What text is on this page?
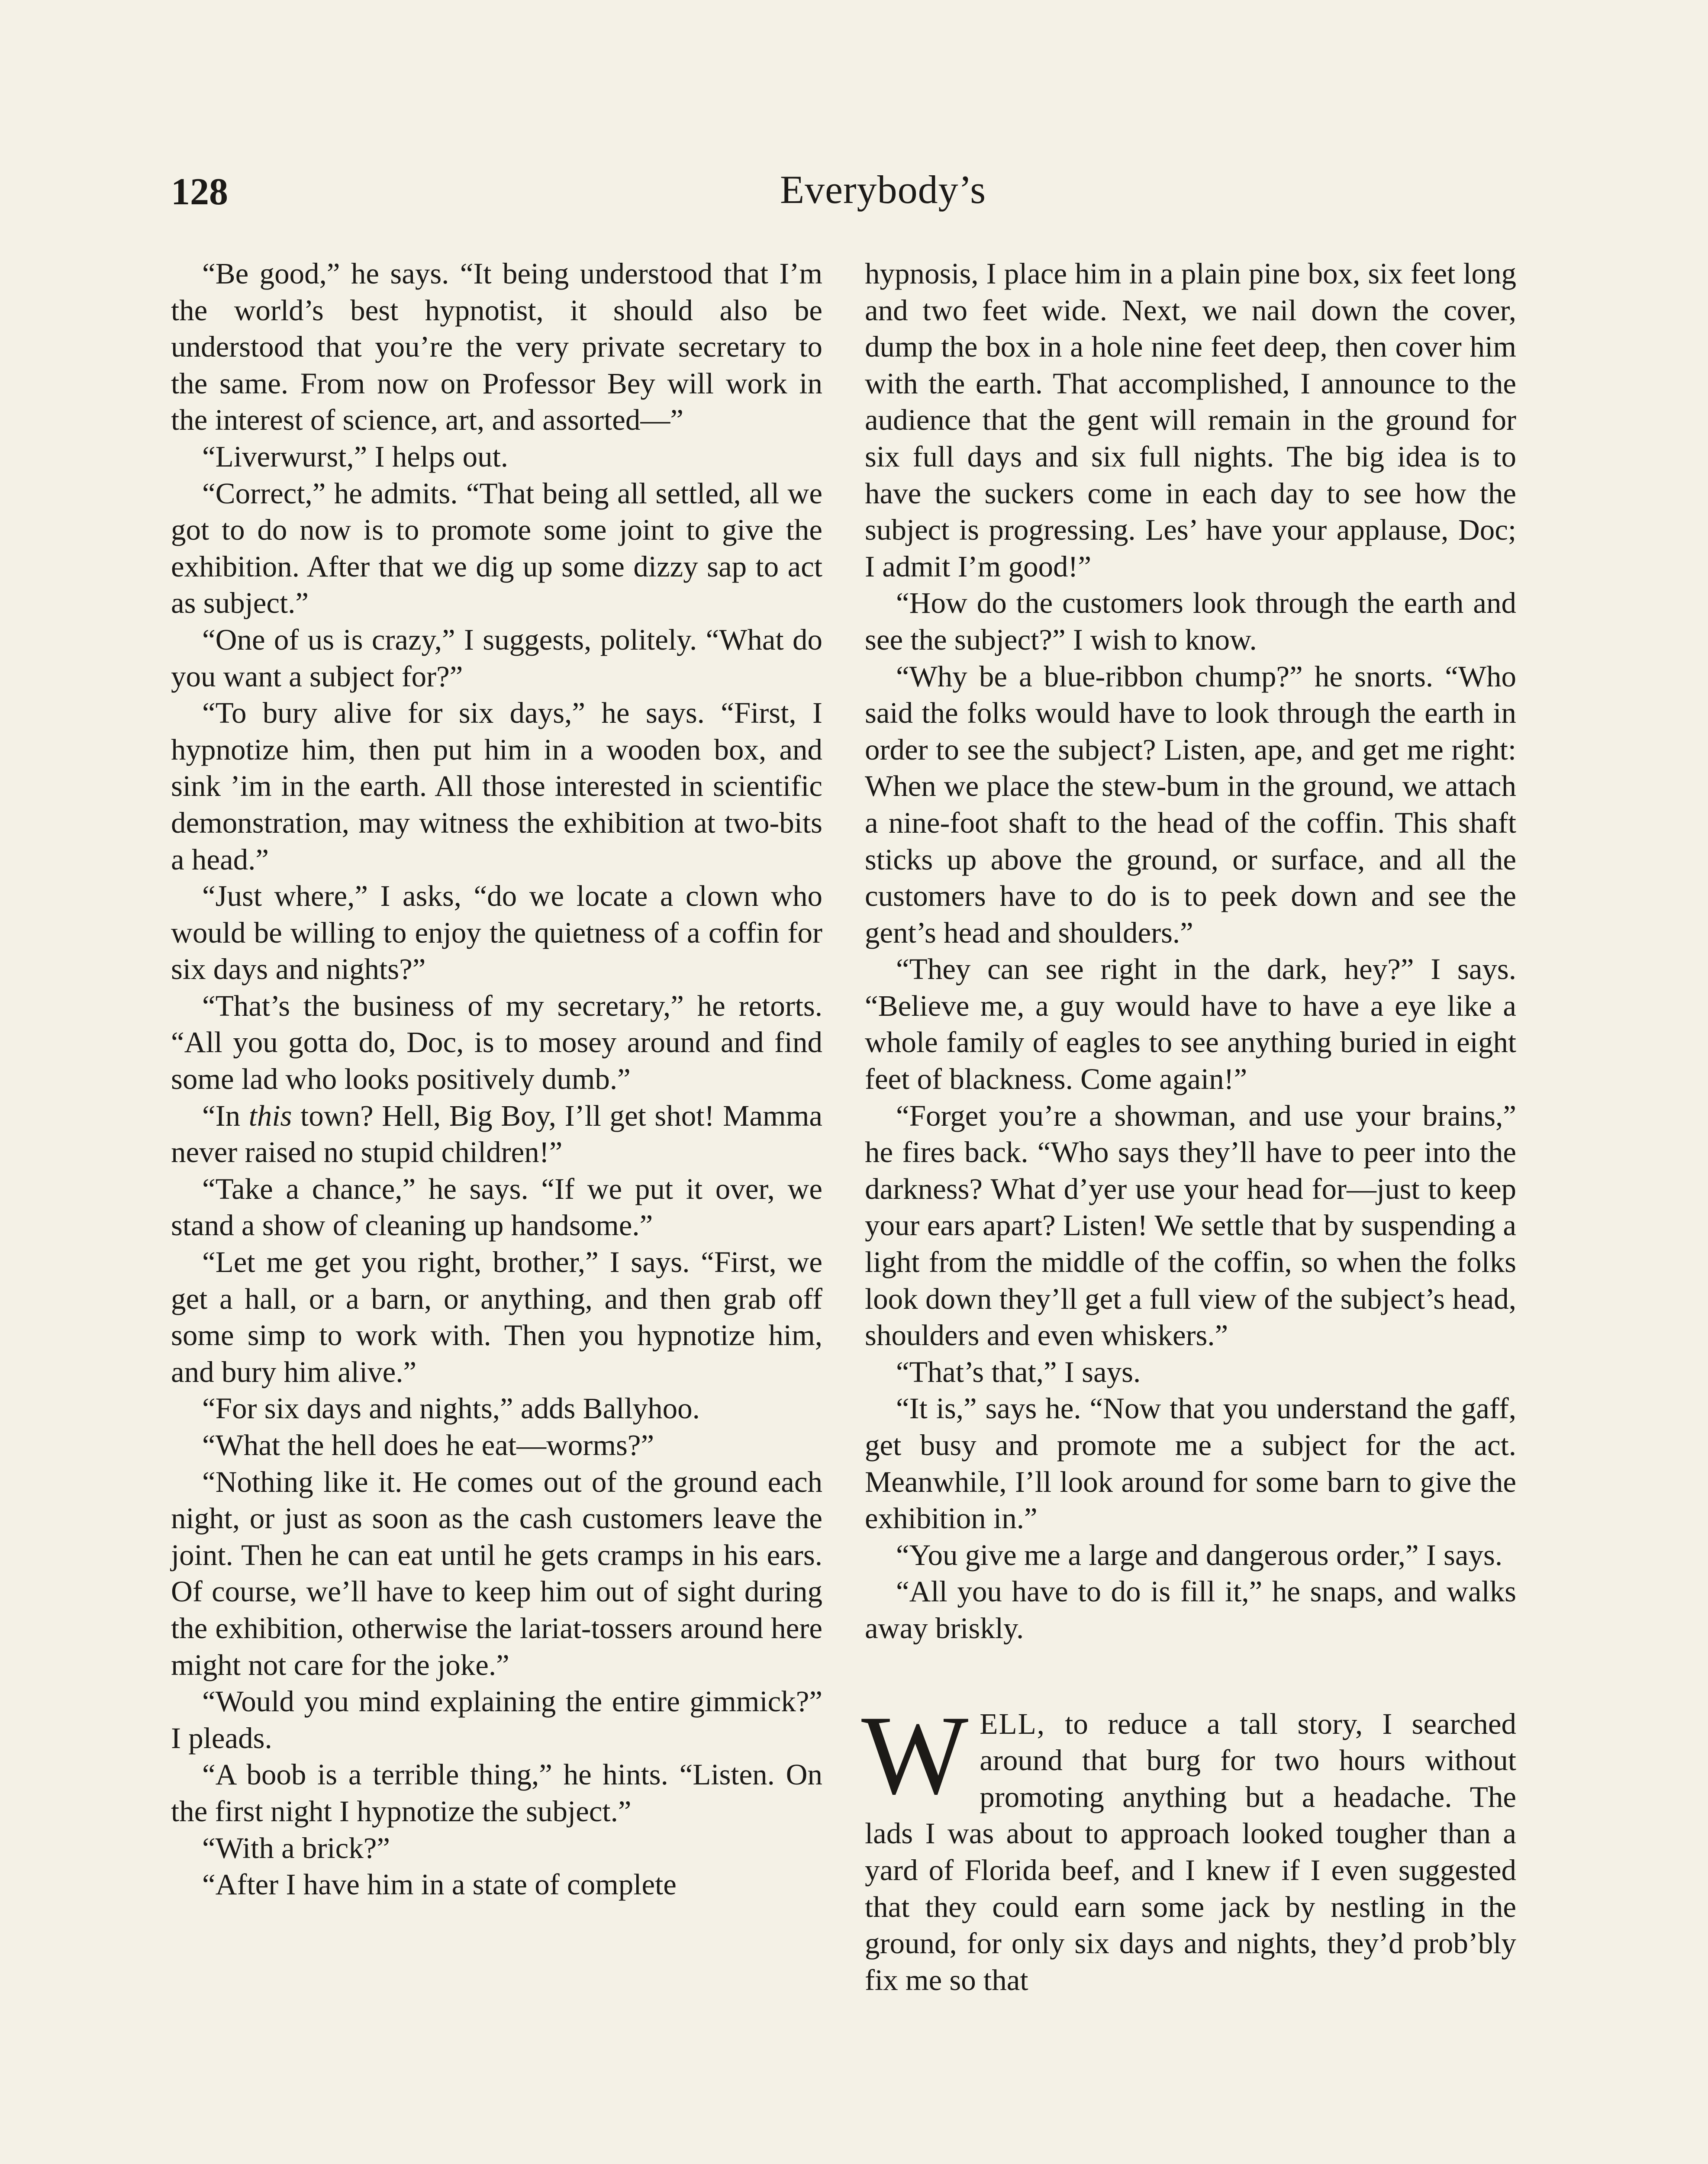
128	Everybody’s

“Be good,” he says. “It being understood that I’m the world’s best hypnotist, it should also be understood that you’re the very private secretary to the same. From now on Professor Bey will work in the interest of science, art, and assorted—”

“Liverwurst,” I helps out.

“Correct,” he admits. “That being all settled, all we got to do now is to promote some joint to give the exhibition. After that we dig up some dizzy sap to act as subject.”

“One of us is crazy,” I suggests, politely. “What do you want a subject for?”

“To bury alive for six days,” he says. “First, I hypnotize him, then put him in a wooden box, and sink ’im in the earth. All those interested in scientific demonstration, may witness the exhibition at two-bits a head.”

“Just where,” I asks, “do we locate a clown who would be willing to enjoy the quietness of a coffin for six days and nights?”

“That’s the business of my secretary,” he retorts. “All you gotta do, Doc, is to mosey around and find some lad who looks positively dumb.”

“In this town? Hell, Big Boy, I’ll get shot! Mamma never raised no stupid children!”

“Take a chance,” he says. “If we put it over, we stand a show of cleaning up handsome.”

“Let me get you right, brother,” I says. “First, we get a hall, or a barn, or anything, and then grab off some simp to work with. Then you hypnotize him, and bury him alive.”

“For six days and nights,” adds Ballyhoo.

“What the hell does he eat—worms?”

“Nothing like it. He comes out of the ground each night, or just as soon as the cash customers leave the joint. Then he can eat until he gets cramps in his ears. Of course, we’ll have to keep him out of sight during the exhibition, otherwise the lariat-tossers around here might not care for the joke.”

“Would you mind explaining the entire gimmick?” I pleads.

“A boob is a terrible thing,” he hints. “Listen. On the first night I hypnotize the subject.”

“With a brick?”

“After I have him in a state of complete

hypnosis, I place him in a plain pine box, six feet long and two feet wide. Next, we nail down the cover, dump the box in a hole nine feet deep, then cover him with the earth. That accomplished, I announce to the audience that the gent will remain in the ground for six full days and six full nights. The big idea is to have the suckers come in each day to see how the subject is progressing. Les’ have your applause, Doc; I admit I’m good!”

“How do the customers look through the earth and see the subject?” I wish to know.

“Why be a blue-ribbon chump?” he snorts. “Who said the folks would have to look through the earth in order to see the subject? Listen, ape, and get me right: When we place the stew-bum in the ground, we attach a nine-foot shaft to the head of the coffin. This shaft sticks up above the ground, or surface, and all the customers have to do is to peek down and see the gent’s head and shoulders.”

“They can see right in the dark, hey?” I says. “Believe me, a guy would have to have a eye like a whole family of eagles to see anything buried in eight feet of blackness. Come again!”

“Forget you’re a showman, and use your brains,” he fires back. “Who says they’ll have to peer into the darkness? What d’yer use your head for—just to keep your ears apart? Listen! We settle that by suspending a light from the middle of the coffin, so when the folks look down they’ll get a full view of the subject’s head, shoulders and even whiskers.”

“That’s that,” I says.

“It is,” says he. “Now that you understand the gaff, get busy and promote me a subject for the act. Meanwhile, I’ll look around for some barn to give the exhibition in.”

“You give me a large and dangerous order,” I says.

“All you have to do is fill it,” he snaps, and walks away briskly.

WELL, to reduce a tall story, I searched around that burg for two hours without promoting anything but a headache. The lads I was about to approach looked tougher than a yard of Florida beef, and I knew if I even suggested that they could earn some jack by nestling in the ground, for only six days and nights, they’d prob’bly fix me so that
